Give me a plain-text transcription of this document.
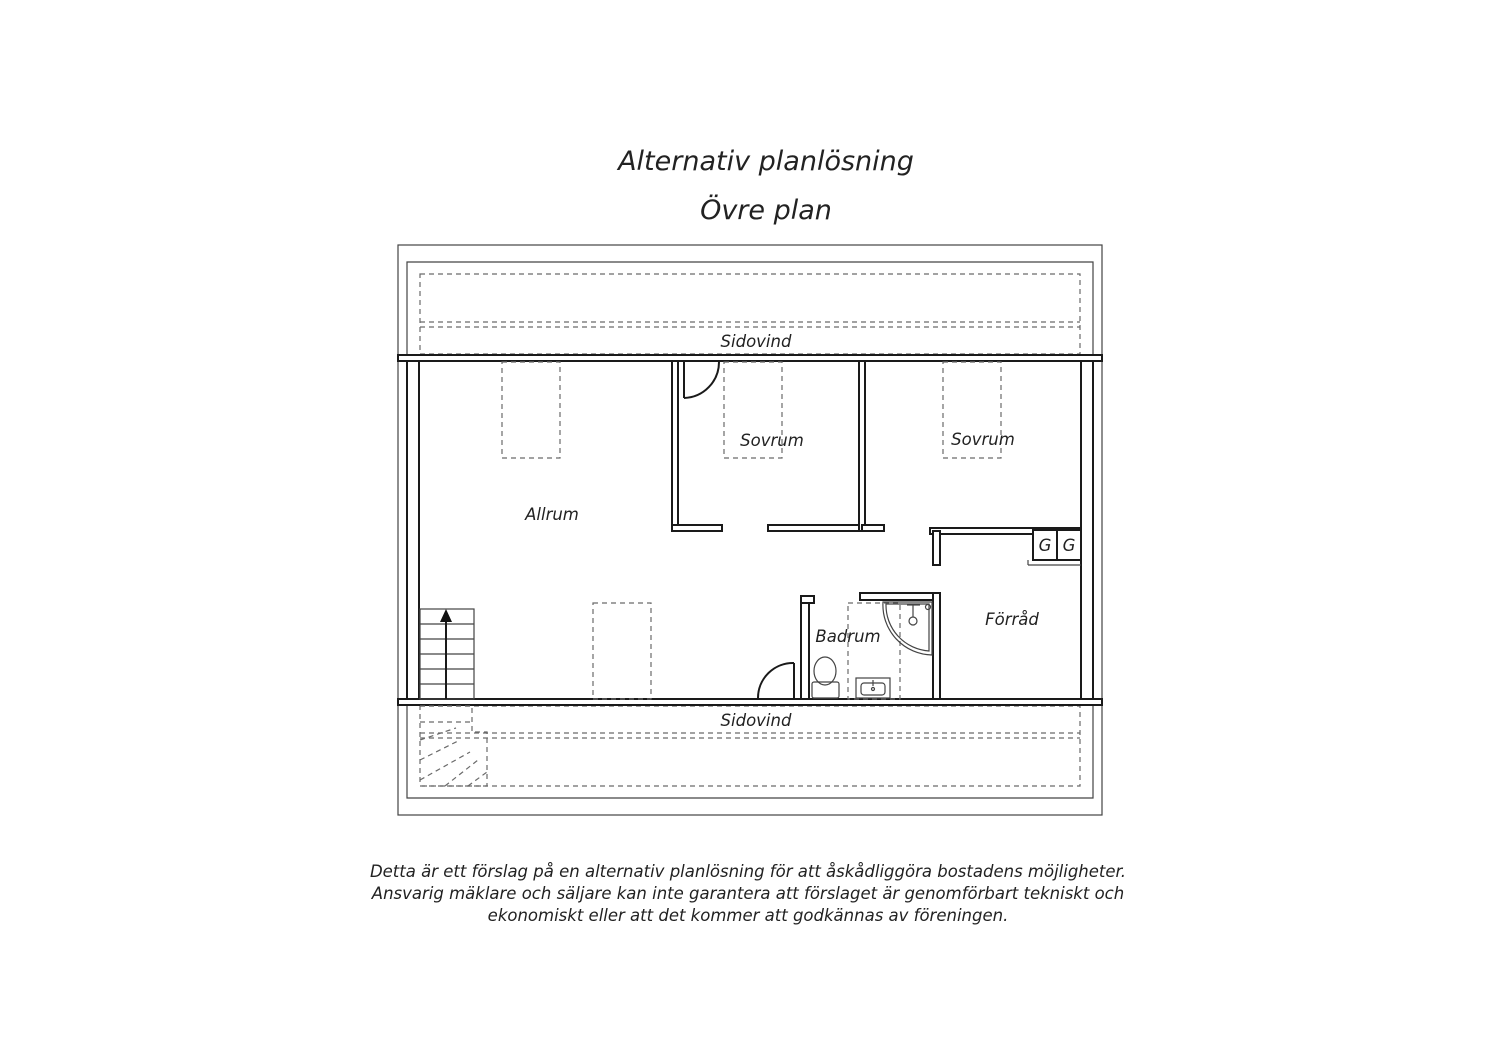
Alternativ planlösning
Övre plan
Sidovind
Sidovind
Allrum
Sovrum	Sovrum
Badrum
Förråd
G G
Detta är ett förslag på en alternativ planlösning för att åskådliggöra bostadens möjligheter.
Ansvarig mäklare och säljare kan inte garantera att förslaget är genomförbart tekniskt och
ekonomiskt eller att det kommer att godkännas av föreningen.
